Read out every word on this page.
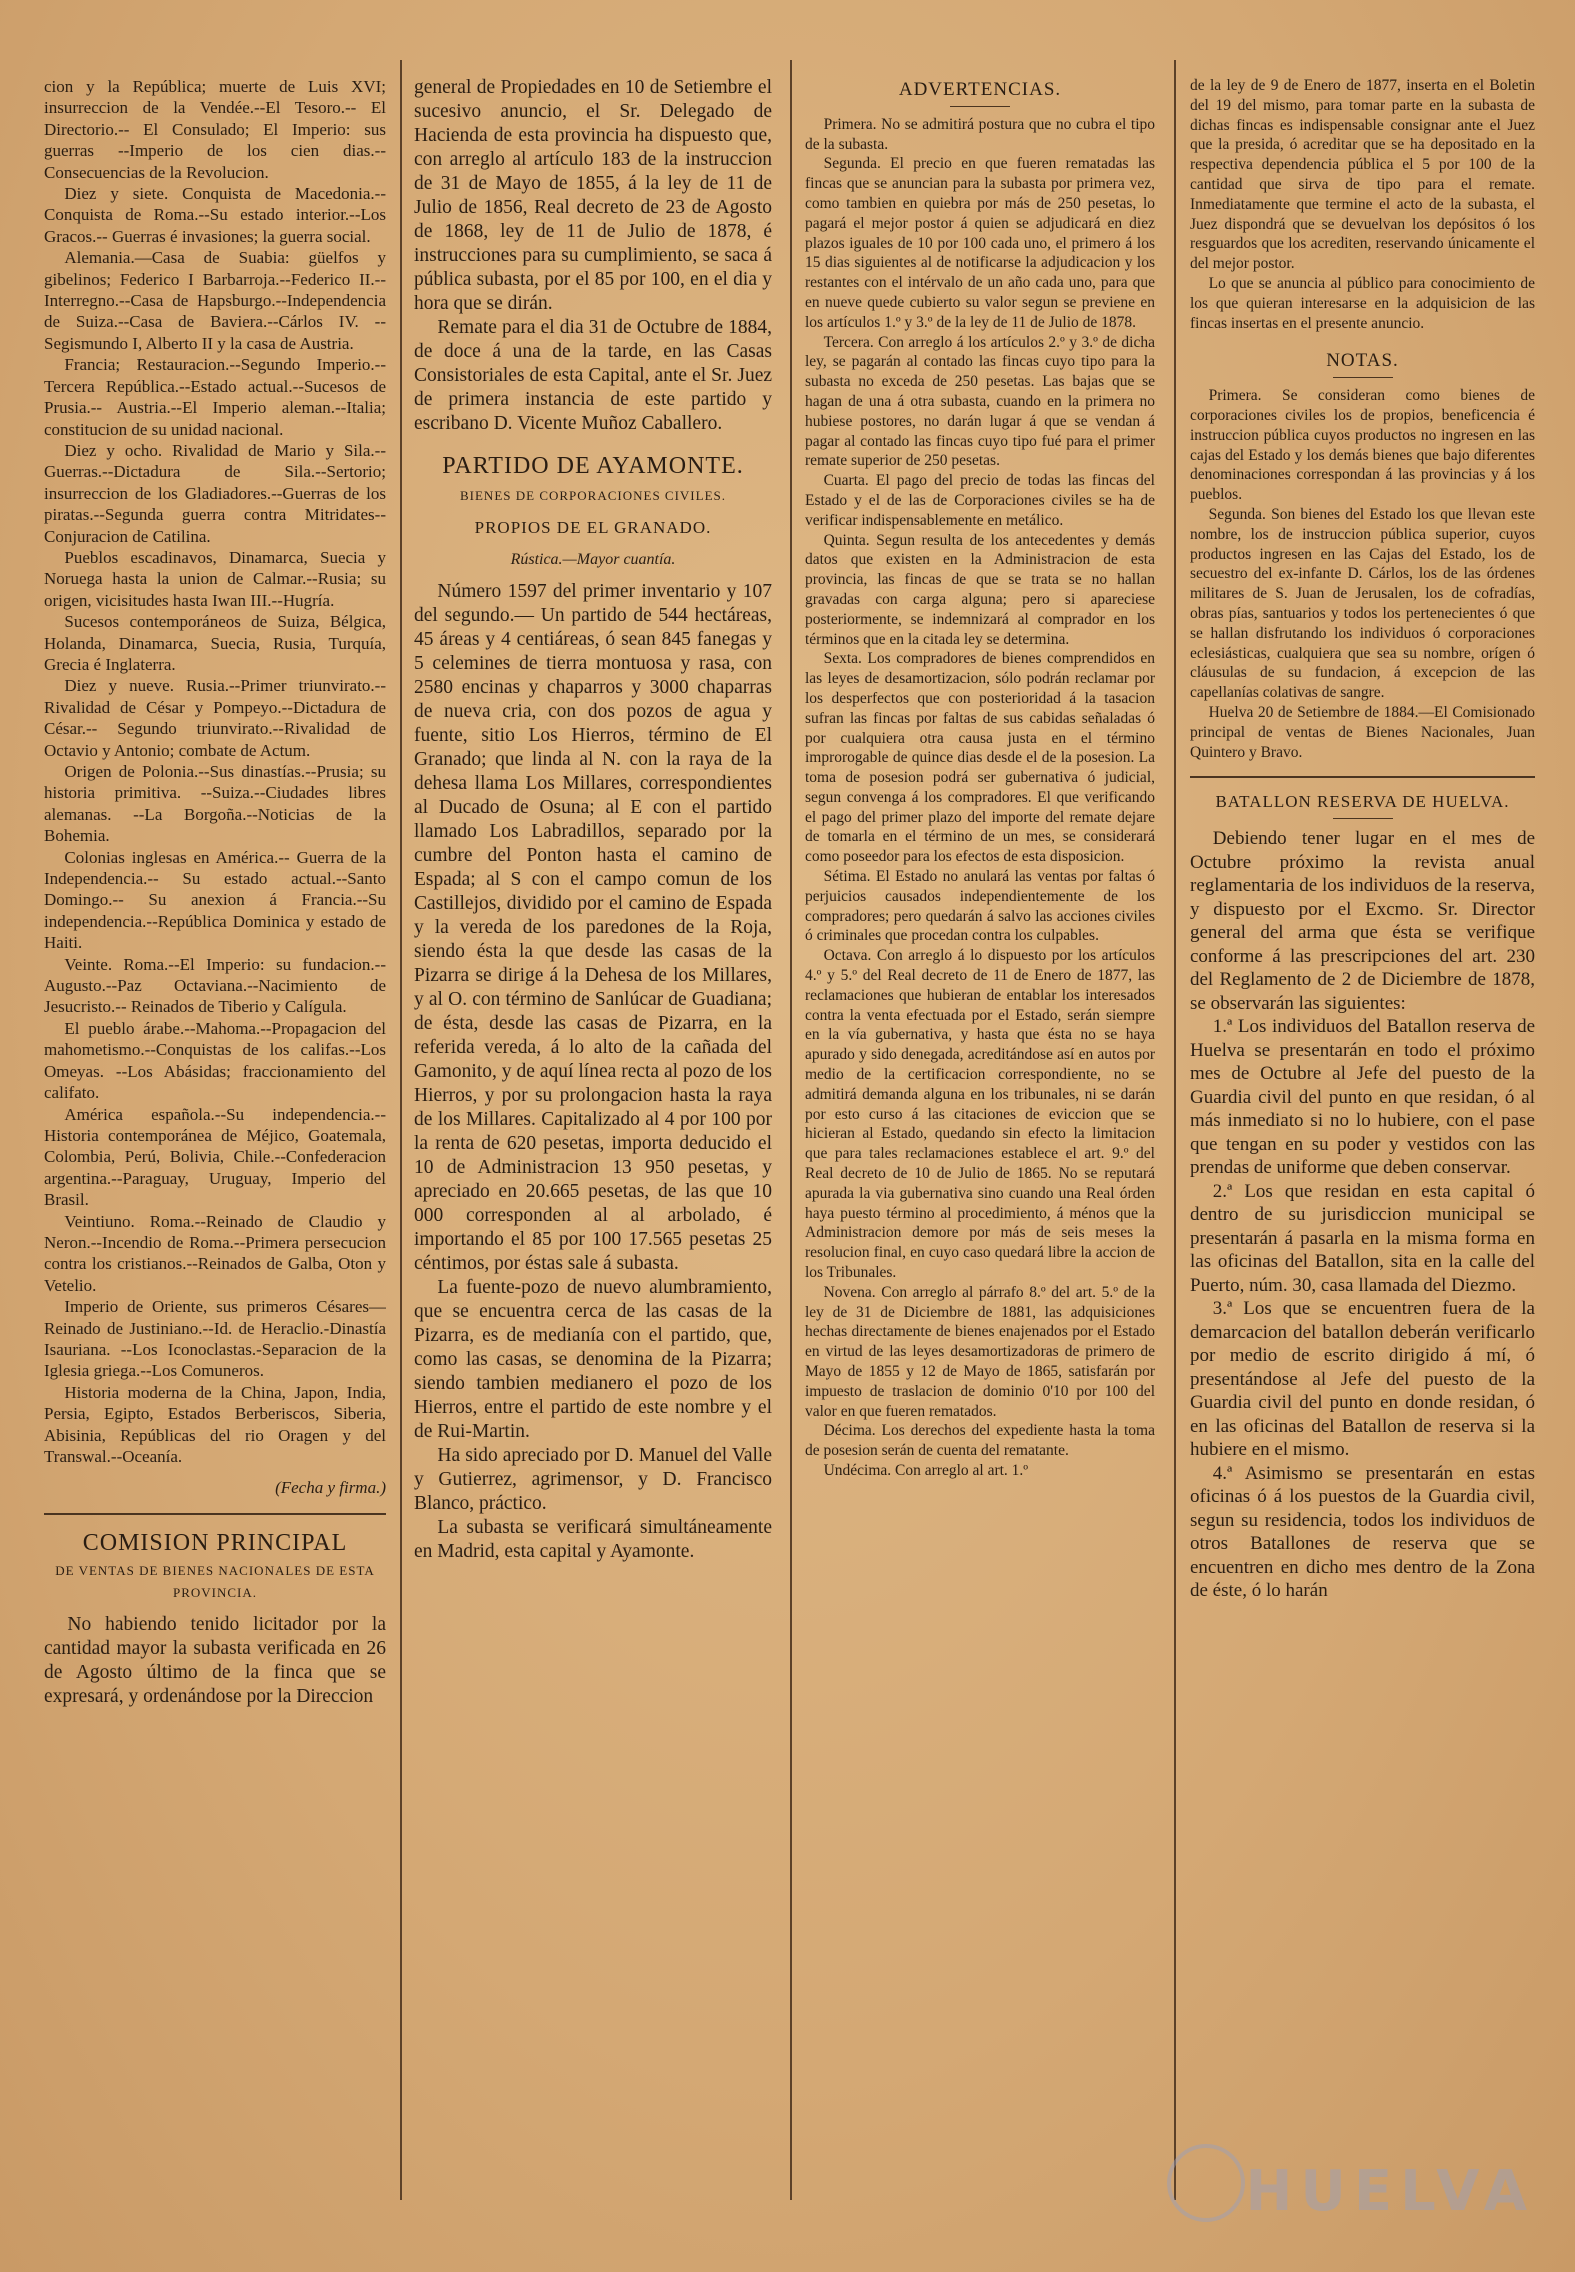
cion y la República; muerte de Luis XVI; insurreccion de la Vendée.--El Tesoro.-- El Directorio.-- El Consulado; El Imperio: sus guerras --Imperio de los cien dias.-- Consecuencias de la Revolucion.

Diez y siete. Conquista de Macedonia.--Conquista de Roma.--Su estado interior.--Los Gracos.-- Guerras é invasiones; la guerra social.

Alemania.—Casa de Suabia: güelfos y gibelinos; Federico I Barbarroja.--Federico II.--Interregno.--Casa de Hapsburgo.--Independencia de Suiza.--Casa de Baviera.--Cárlos IV. --Segismundo I, Alberto II y la casa de Austria.

Francia; Restauracion.--Segundo Imperio.--Tercera República.--Estado actual.--Sucesos de Prusia.-- Austria.--El Imperio aleman.--Italia; constitucion de su unidad nacional.

Diez y ocho. Rivalidad de Mario y Sila.--Guerras.--Dictadura de Sila.--Sertorio; insurreccion de los Gladiadores.--Guerras de los piratas.--Segunda guerra contra Mitridates--Conjuracion de Catilina.

Pueblos escadinavos, Dinamarca, Suecia y Noruega hasta la union de Calmar.--Rusia; su origen, vicisitudes hasta Iwan III.--Hugría.

Sucesos contemporáneos de Suiza, Bélgica, Holanda, Dinamarca, Suecia, Rusia, Turquía, Grecia é Inglaterra.

Diez y nueve. Rusia.--Primer triunvirato.--Rivalidad de César y Pompeyo.--Dictadura de César.-- Segundo triunvirato.--Rivalidad de Octavio y Antonio; combate de Actum.

Origen de Polonia.--Sus dinastías.--Prusia; su historia primitiva. --Suiza.--Ciudades libres alemanas. --La Borgoña.--Noticias de la Bohemia.

Colonias inglesas en América.-- Guerra de la Independencia.-- Su estado actual.--Santo Domingo.-- Su anexion á Francia.--Su independencia.--República Dominica y estado de Haiti.

Veinte. Roma.--El Imperio: su fundacion.--Augusto.--Paz Octaviana.--Nacimiento de Jesucristo.-- Reinados de Tiberio y Calígula.

El pueblo árabe.--Mahoma.--Propagacion del mahometismo.--Conquistas de los califas.--Los Omeyas. --Los Abásidas; fraccionamiento del califato.

América española.--Su independencia.--Historia contemporánea de Méjico, Goatemala, Colombia, Perú, Bolivia, Chile.--Confederacion argentina.--Paraguay, Uruguay, Imperio del Brasil.

Veintiuno. Roma.--Reinado de Claudio y Neron.--Incendio de Roma.--Primera persecucion contra los cristianos.--Reinados de Galba, Oton y Vetelio.

Imperio de Oriente, sus primeros Césares—Reinado de Justiniano.--Id. de Heraclio.-Dinastía Isauriana. --Los Iconoclastas.-Separacion de la Iglesia griega.--Los Comuneros.

Historia moderna de la China, Japon, India, Persia, Egipto, Estados Berberiscos, Siberia, Abisinia, Repúblicas del rio Oragen y del Transwal.--Oceanía.

(Fecha y firma.)
COMISION PRINCIPAL
DE VENTAS DE BIENES NACIONALES DE ESTA PROVINCIA.

No habiendo tenido licitador por la cantidad mayor la subasta verificada en 26 de Agosto último de la finca que se expresará, y ordenándose por la Direccion

general de Propiedades en 10 de Setiembre el sucesivo anuncio, el Sr. Delegado de Hacienda de esta provincia ha dispuesto que, con arreglo al artículo 183 de la instruccion de 31 de Mayo de 1855, á la ley de 11 de Julio de 1856, Real decreto de 23 de Agosto de 1868, ley de 11 de Julio de 1878, é instrucciones para su cumplimiento, se saca á pública subasta, por el 85 por 100, en el dia y hora que se dirán.

Remate para el dia 31 de Octubre de 1884, de doce á una de la tarde, en las Casas Consistoriales de esta Capital, ante el Sr. Juez de primera instancia de este partido y escribano D. Vicente Muñoz Caballero.

PARTIDO DE AYAMONTE.
BIENES DE CORPORACIONES CIVILES.
PROPIOS DE EL GRANADO.
Rústica.—Mayor cuantía.

Número 1597 del primer inventario y 107 del segundo.— Un partido de 544 hectáreas, 45 áreas y 4 centiáreas, ó sean 845 fanegas y 5 celemines de tierra montuosa y rasa, con 2580 encinas y chaparros y 3000 chaparras de nueva cria, con dos pozos de agua y fuente, sitio Los Hierros, término de El Granado; que linda al N. con la raya de la dehesa llama Los Millares, correspondientes al Ducado de Osuna; al E con el partido llamado Los Labradillos, separado por la cumbre del Ponton hasta el camino de Espada; al S con el campo comun de los Castillejos, dividido por el camino de Espada y la vereda de los paredones de la Roja, siendo ésta la que desde las casas de la Pizarra se dirige á la Dehesa de los Millares, y al O. con término de Sanlúcar de Guadiana; de ésta, desde las casas de Pizarra, en la referida vereda, á lo alto de la cañada del Gamonito, y de aquí línea recta al pozo de los Hierros, y por su prolongacion hasta la raya de los Millares. Capitalizado al 4 por 100 por la renta de 620 pesetas, importa deducido el 10 de Administracion 13 950 pesetas, y apreciado en 20.665 pesetas, de las que 10 000 corresponden al al arbolado, é importando el 85 por 100 17.565 pesetas 25 céntimos, por éstas sale á subasta.

La fuente-pozo de nuevo alumbramiento, que se encuentra cerca de las casas de la Pizarra, es de medianía con el partido, que, como las casas, se denomina de la Pizarra; siendo tambien medianero el pozo de los Hierros, entre el partido de este nombre y el de Rui-Martin.

Ha sido apreciado por D. Manuel del Valle y Gutierrez, agrimensor, y D. Francisco Blanco, práctico.

La subasta se verificará simultáneamente en Madrid, esta capital y Ayamonte.

ADVERTENCIAS.

Primera. No se admitirá postura que no cubra el tipo de la subasta.

Segunda. El precio en que fueren rematadas las fincas que se anuncian para la subasta por primera vez, como tambien en quiebra por más de 250 pesetas, lo pagará el mejor postor á quien se adjudicará en diez plazos iguales de 10 por 100 cada uno, el primero á los 15 dias siguientes al de notificarse la adjudicacion y los restantes con el intérvalo de un año cada uno, para que en nueve quede cubierto su valor segun se previene en los artículos 1.º y 3.º de la ley de 11 de Julio de 1878.

Tercera. Con arreglo á los artículos 2.º y 3.º de dicha ley, se pagarán al contado las fincas cuyo tipo para la subasta no exceda de 250 pesetas. Las bajas que se hagan de una á otra subasta, cuando en la primera no hubiese postores, no darán lugar á que se vendan á pagar al contado las fincas cuyo tipo fué para el primer remate superior de 250 pesetas.

Cuarta. El pago del precio de todas las fincas del Estado y el de las de Corporaciones civiles se ha de verificar indispensablemente en metálico.

Quinta. Segun resulta de los antecedentes y demás datos que existen en la Administracion de esta provincia, las fincas de que se trata se no hallan gravadas con carga alguna; pero si apareciese posteriormente, se indemnizará al comprador en los términos que en la citada ley se determina.

Sexta. Los compradores de bienes comprendidos en las leyes de desamortizacion, sólo podrán reclamar por los desperfectos que con posterioridad á la tasacion sufran las fincas por faltas de sus cabidas señaladas ó por cualquiera otra causa justa en el término improrogable de quince dias desde el de la posesion. La toma de posesion podrá ser gubernativa ó judicial, segun convenga á los compradores. El que verificando el pago del primer plazo del importe del remate dejare de tomarla en el término de un mes, se considerará como poseedor para los efectos de esta disposicion.

Sétima. El Estado no anulará las ventas por faltas ó perjuicios causados independientemente de los compradores; pero quedarán á salvo las acciones civiles ó criminales que procedan contra los culpables.

Octava. Con arreglo á lo dispuesto por los artículos 4.º y 5.º del Real decreto de 11 de Enero de 1877, las reclamaciones que hubieran de entablar los interesados contra la venta efectuada por el Estado, serán siempre en la vía gubernativa, y hasta que ésta no se haya apurado y sido denegada, acreditándose así en autos por medio de la certificacion correspondiente, no se admitirá demanda alguna en los tribunales, ni se darán por esto curso á las citaciones de eviccion que se hicieran al Estado, quedando sin efecto la limitacion que para tales reclamaciones establece el art. 9.º del Real decreto de 10 de Julio de 1865. No se reputará apurada la via gubernativa sino cuando una Real órden haya puesto término al procedimiento, á ménos que la Administracion demore por más de seis meses la resolucion final, en cuyo caso quedará libre la accion de los Tribunales.

Novena. Con arreglo al párrafo 8.º del art. 5.º de la ley de 31 de Diciembre de 1881, las adquisiciones hechas directamente de bienes enajenados por el Estado en virtud de las leyes desamortizadoras de primero de Mayo de 1855 y 12 de Mayo de 1865, satisfarán por impuesto de traslacion de dominio 0'10 por 100 del valor en que fueren rematados.

Décima. Los derechos del expediente hasta la toma de posesion serán de cuenta del rematante.

Undécima. Con arreglo al art. 1.º

de la ley de 9 de Enero de 1877, inserta en el Boletin del 19 del mismo, para tomar parte en la subasta de dichas fincas es indispensable consignar ante el Juez que la presida, ó acreditar que se ha depositado en la respectiva dependencia pública el 5 por 100 de la cantidad que sirva de tipo para el remate. Inmediatamente que termine el acto de la subasta, el Juez dispondrá que se devuelvan los depósitos ó los resguardos que los acrediten, reservando únicamente el del mejor postor.

Lo que se anuncia al público para conocimiento de los que quieran interesarse en la adquisicion de las fincas insertas en el presente anuncio.

NOTAS.

Primera. Se consideran como bienes de corporaciones civiles los de propios, beneficencia é instruccion pública cuyos productos no ingresen en las cajas del Estado y los demás bienes que bajo diferentes denominaciones correspondan á las provincias y á los pueblos.

Segunda. Son bienes del Estado los que llevan este nombre, los de instruccion pública superior, cuyos productos ingresen en las Cajas del Estado, los de secuestro del ex-infante D. Cárlos, los de las órdenes militares de S. Juan de Jerusalen, los de cofradías, obras pías, santuarios y todos los pertenecientes ó que se hallan disfrutando los individuos ó corporaciones eclesiásticas, cualquiera que sea su nombre, orígen ó cláusulas de su fundacion, á excepcion de las capellanías colativas de sangre.

Huelva 20 de Setiembre de 1884.—El Comisionado principal de ventas de Bienes Nacionales, Juan Quintero y Bravo.

BATALLON RESERVA DE HUELVA.

Debiendo tener lugar en el mes de Octubre próximo la revista anual reglamentaria de los individuos de la reserva, y dispuesto por el Excmo. Sr. Director general del arma que ésta se verifique conforme á las prescripciones del art. 230 del Reglamento de 2 de Diciembre de 1878, se observarán las siguientes:

1.ª Los individuos del Batallon reserva de Huelva se presentarán en todo el próximo mes de Octubre al Jefe del puesto de la Guardia civil del punto en que residan, ó al más inmediato si no lo hubiere, con el pase que tengan en su poder y vestidos con las prendas de uniforme que deben conservar.

2.ª Los que residan en esta capital ó dentro de su jurisdiccion municipal se presentarán á pasarla en la misma forma en las oficinas del Batallon, sita en la calle del Puerto, núm. 30, casa llamada del Diezmo.

3.ª Los que se encuentren fuera de la demarcacion del batallon deberán verificarlo por medio de escrito dirigido á mí, ó presentándose al Jefe del puesto de la Guardia civil del punto en donde residan, ó en las oficinas del Batallon de reserva si la hubiere en el mismo.

4.ª Asimismo se presentarán en estas oficinas ó á los puestos de la Guardia civil, segun su residencia, todos los individuos de otros Batallones de reserva que se encuentren en dicho mes dentro de la Zona de éste, ó lo harán

HUELVA
